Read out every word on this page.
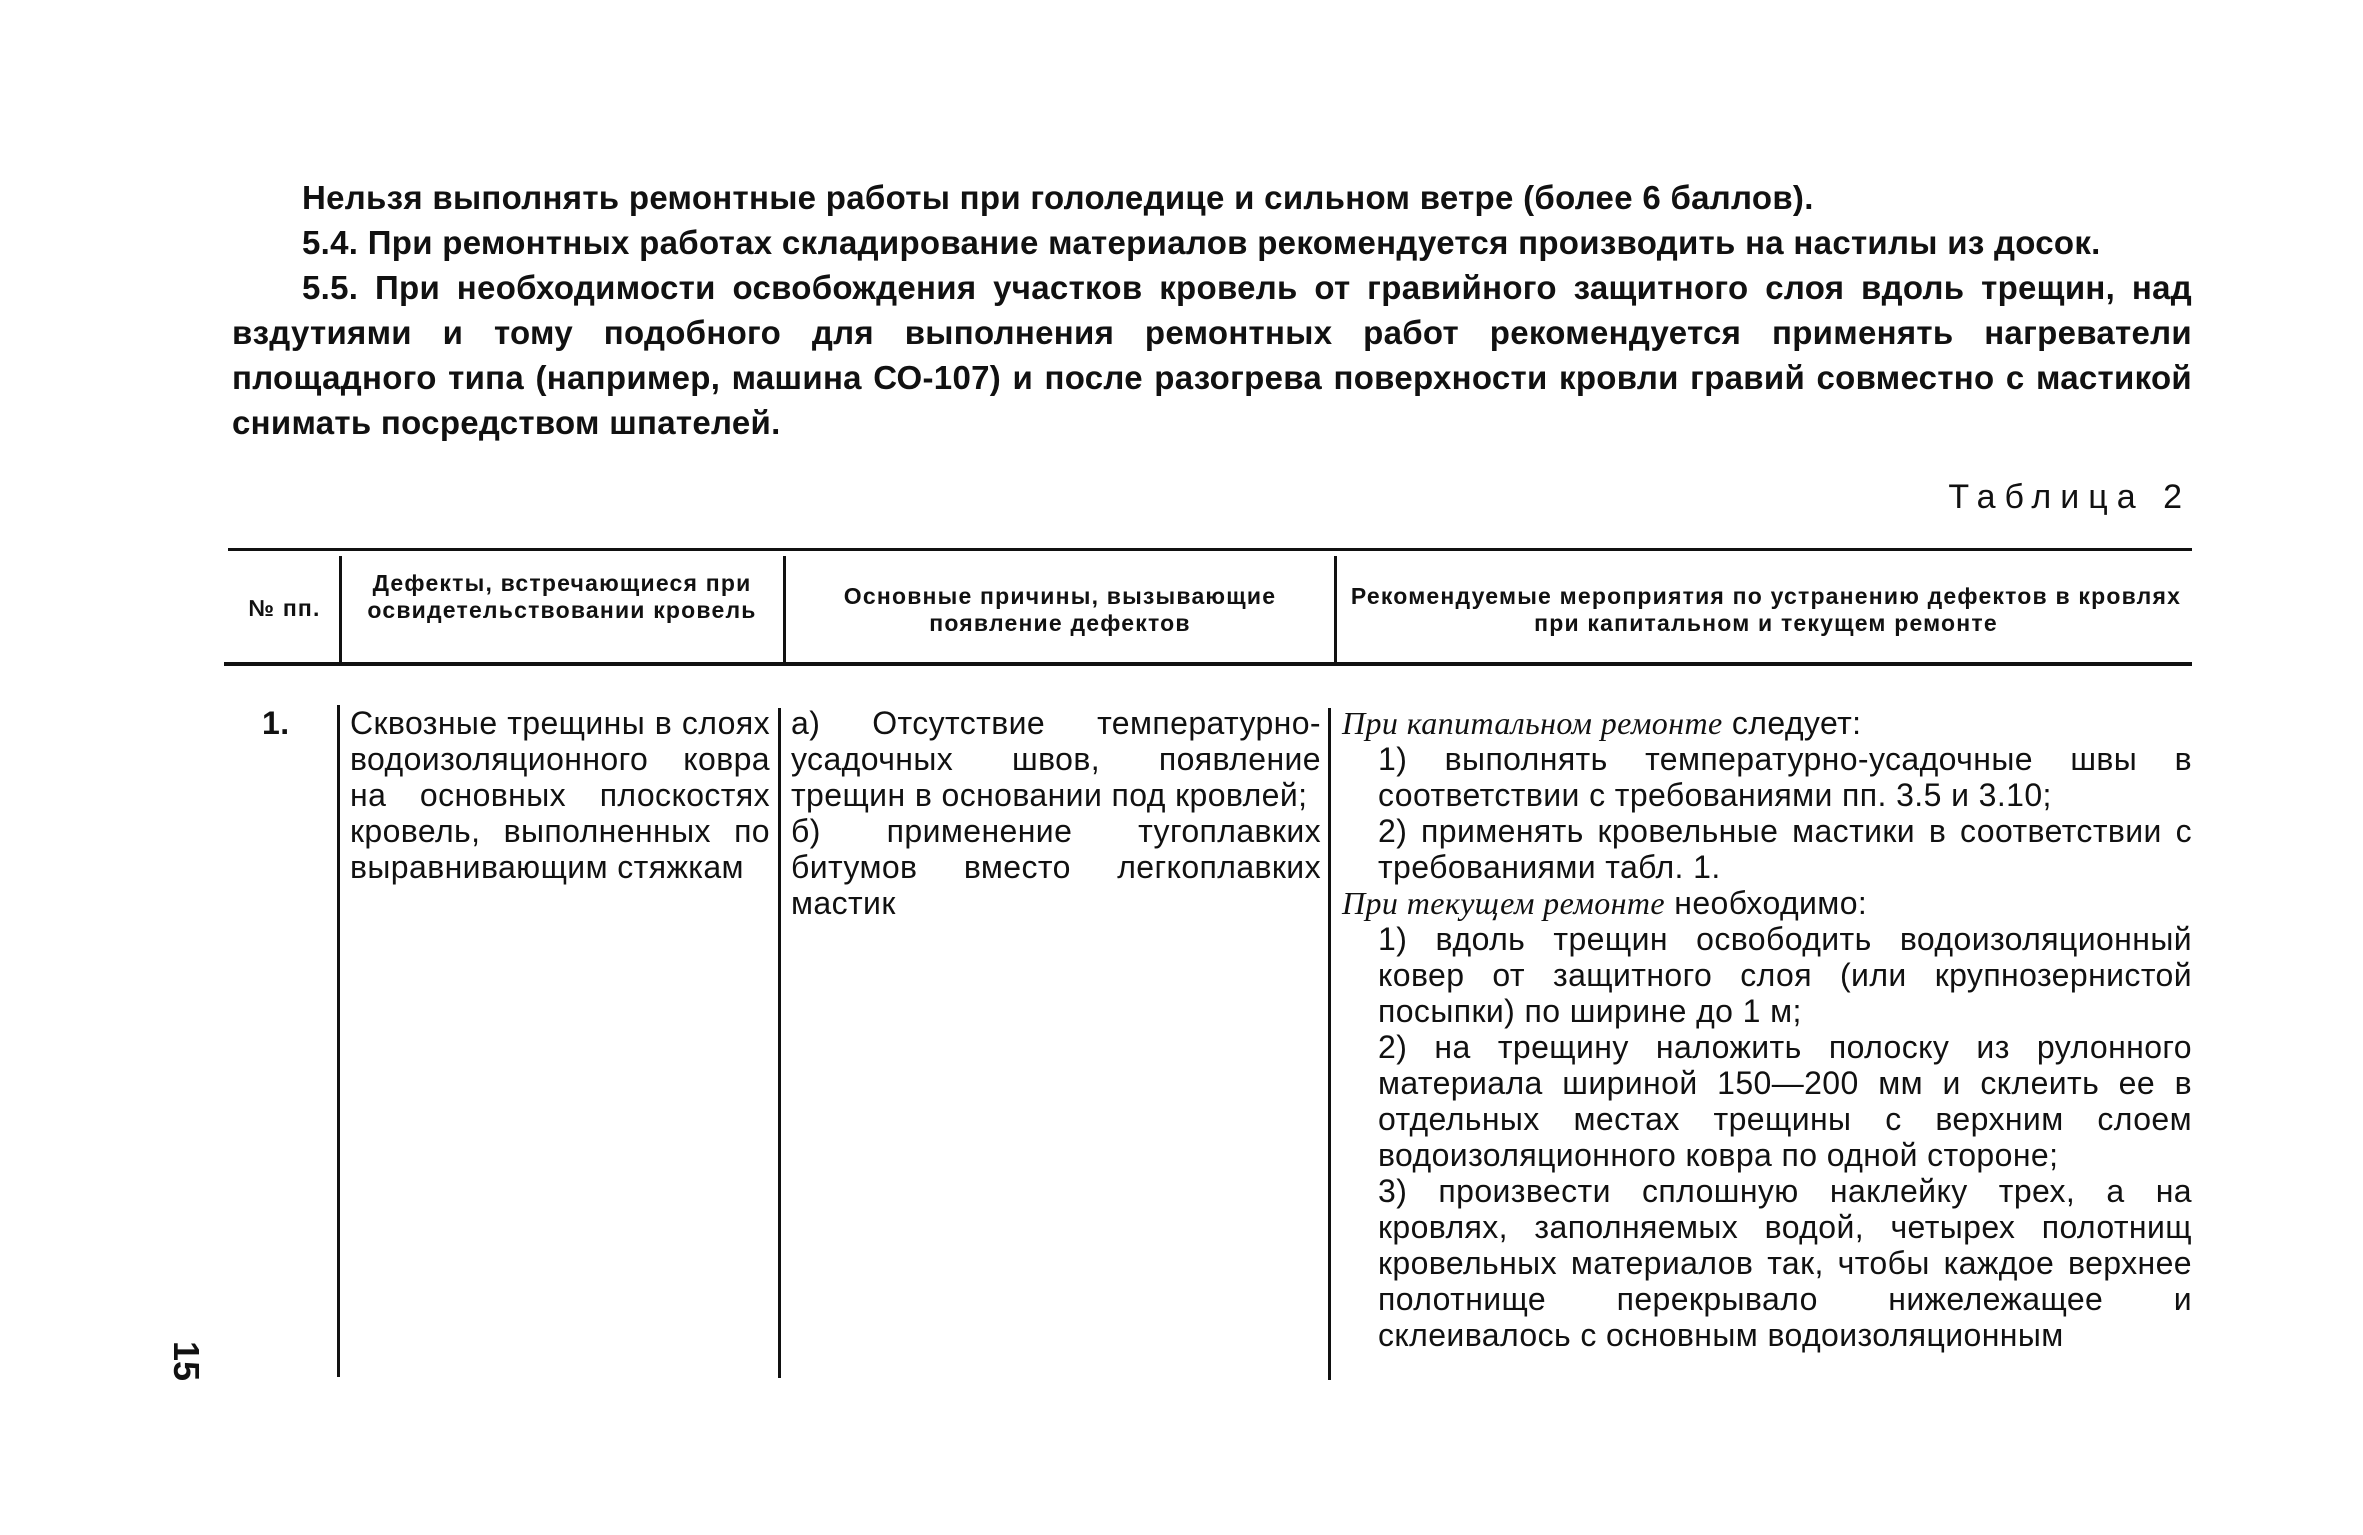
Нельзя выполнять ремонтные работы при гололедице и сильном ветре (более 6 баллов).

5.4. При ремонтных работах складирование материалов рекомендуется производить на настилы из досок.

5.5. При необходимости освобождения участков кровель от гравийного защитного слоя вдоль трещин, над вздутиями и тому подобного для выполнения ремонтных работ рекомендуется применять нагреватели площадного типа (например, машина СО-107) и после разогрева поверхности кровли гравий совместно с мастикой снимать посредством шпателей.

Таблица 2
№ пп.
Дефекты, встречающиеся при освидетельствовании кровель
Основные причины, вызывающие появление дефектов
Рекомендуемые мероприятия по устранению дефектов в кровлях при капитальном и текущем ремонте
1.	Сквозные трещины в слоях водоизоляционного ковра на основных плоскостях кровель, выполненных по выравнивающим стяжкам

а) Отсутствие температурно-усадочных швов, появление трещин в основании под кровлей;

б) применение тугоплавких битумов вместо легкоплавких мастик

При капитальном ремонте следует:

1) выполнять температурно-усадочные швы в соответствии с требованиями пп. 3.5 и 3.10;

2) применять кровельные мастики в соответствии с требованиями табл. 1.

При текущем ремонте необходимо:

1) вдоль трещин освободить водоизоляционный ковер от защитного слоя (или крупнозернистой посыпки) по ширине до 1 м;

2) на трещину наложить полоску из рулонного материала шириной 150—200 мм и склеить ее в отдельных местах трещины с верхним слоем водоизоляционного ковра по одной стороне;

3) произвести сплошную наклейку трех, а на кровлях, заполняемых водой, четырех полотнищ кровельных материалов так, чтобы каждое верхнее полотнище перекрывало нижележащее и склеивалось с основным водоизоляционным

15
